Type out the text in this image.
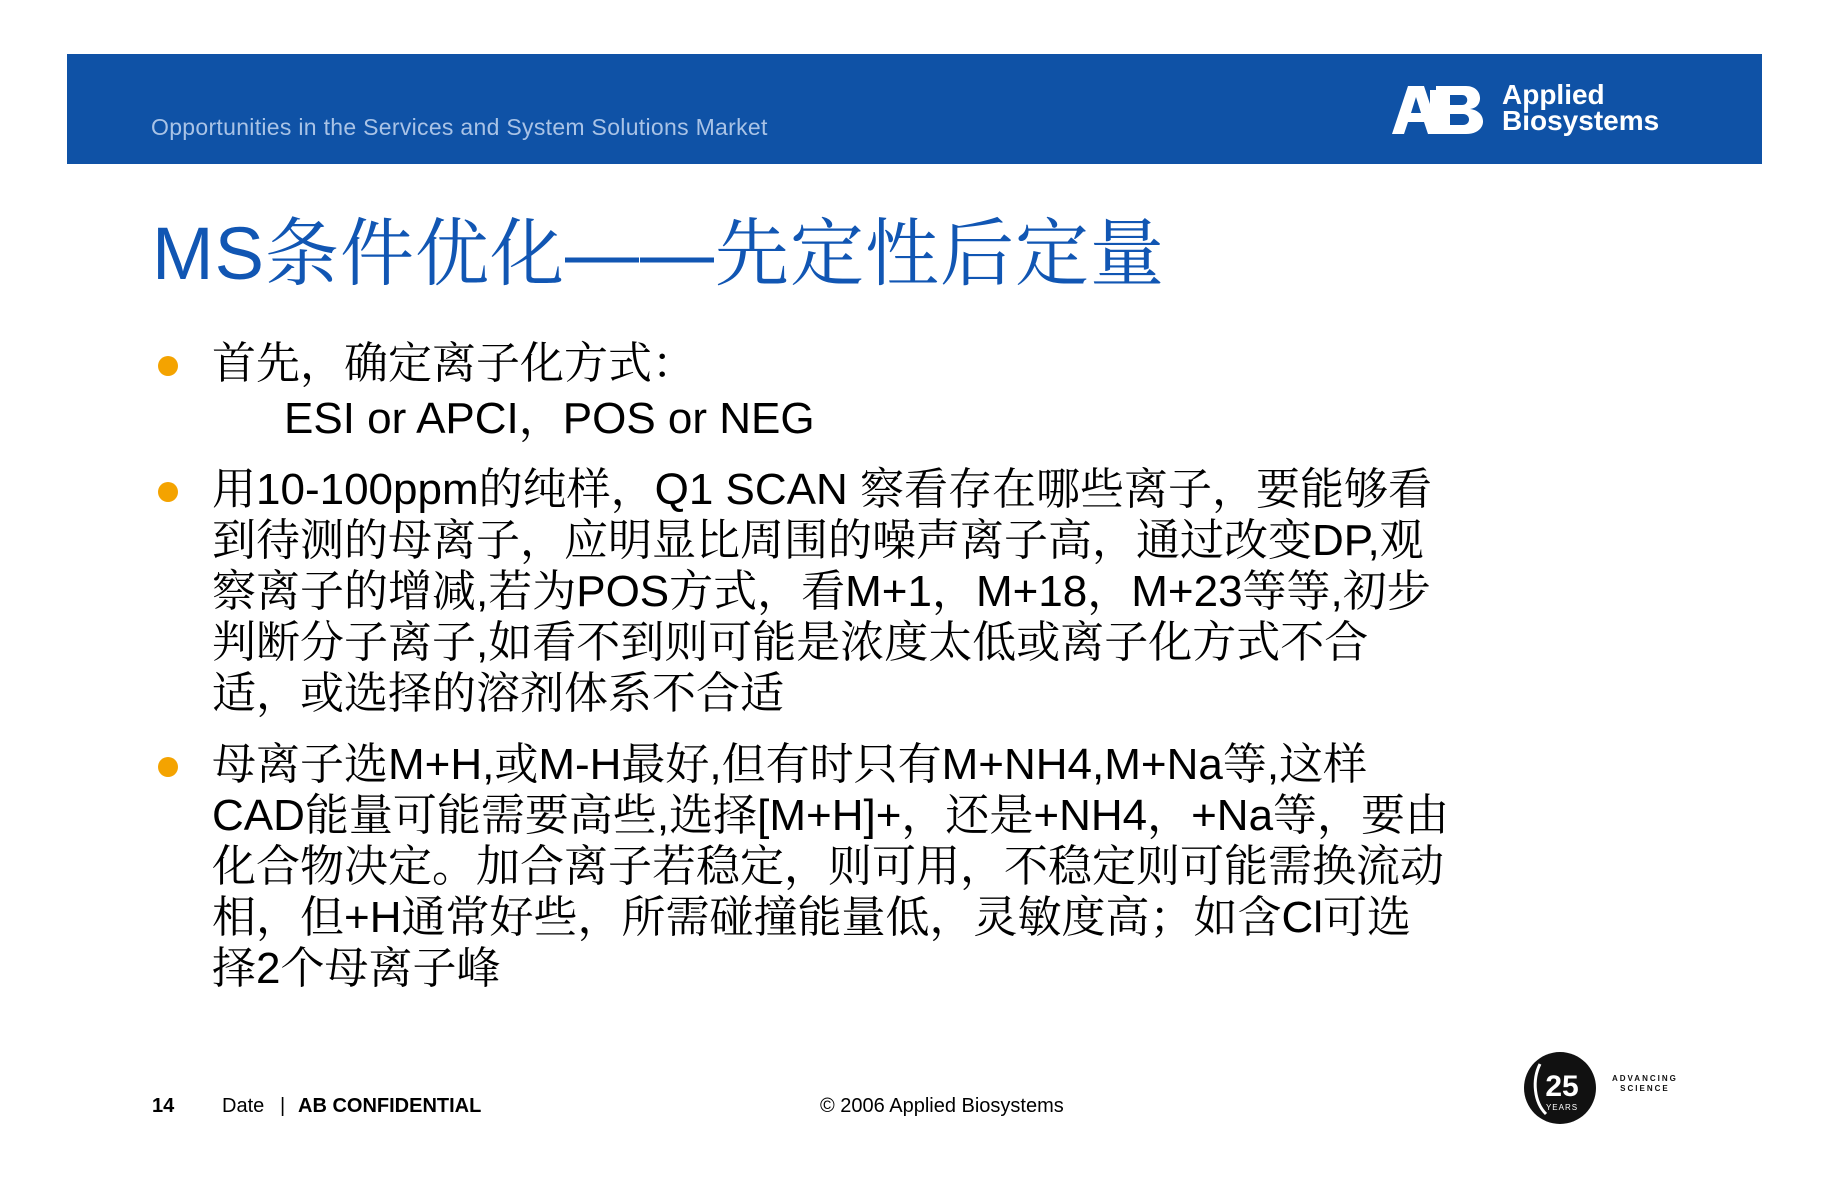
Opportunities in the Services and System Solutions Market
Applied
Biosystems
MS条件优化——先定性后定量
首先，确定离子化方式：
ESI or APCI，POS or NEG
用10-100ppm的纯样，Q1 SCAN 察看存在哪些离子，要能够看
到待测的母离子，应明显比周围的噪声离子高，通过改变DP,观
察离子的增减,若为POS方式，看M+1，M+18，M+23等等,初步
判断分子离子,如看不到则可能是浓度太低或离子化方式不合
适，或选择的溶剂体系不合适
母离子选M+H,或M-H最好,但有时只有M+NH4,M+Na等,这样
CAD能量可能需要高些,选择[M+H]+，还是+NH4，+Na等，要由
化合物决定。加合离子若稳定，则可用，不稳定则可能需换流动
相，但+H通常好些，所需碰撞能量低，灵敏度高；如含Cl可选
择2个母离子峰
14 Date | AB CONFIDENTIAL	© 2006 Applied Biosystems
25
YEARS
ADVANCING
SCIENCE
